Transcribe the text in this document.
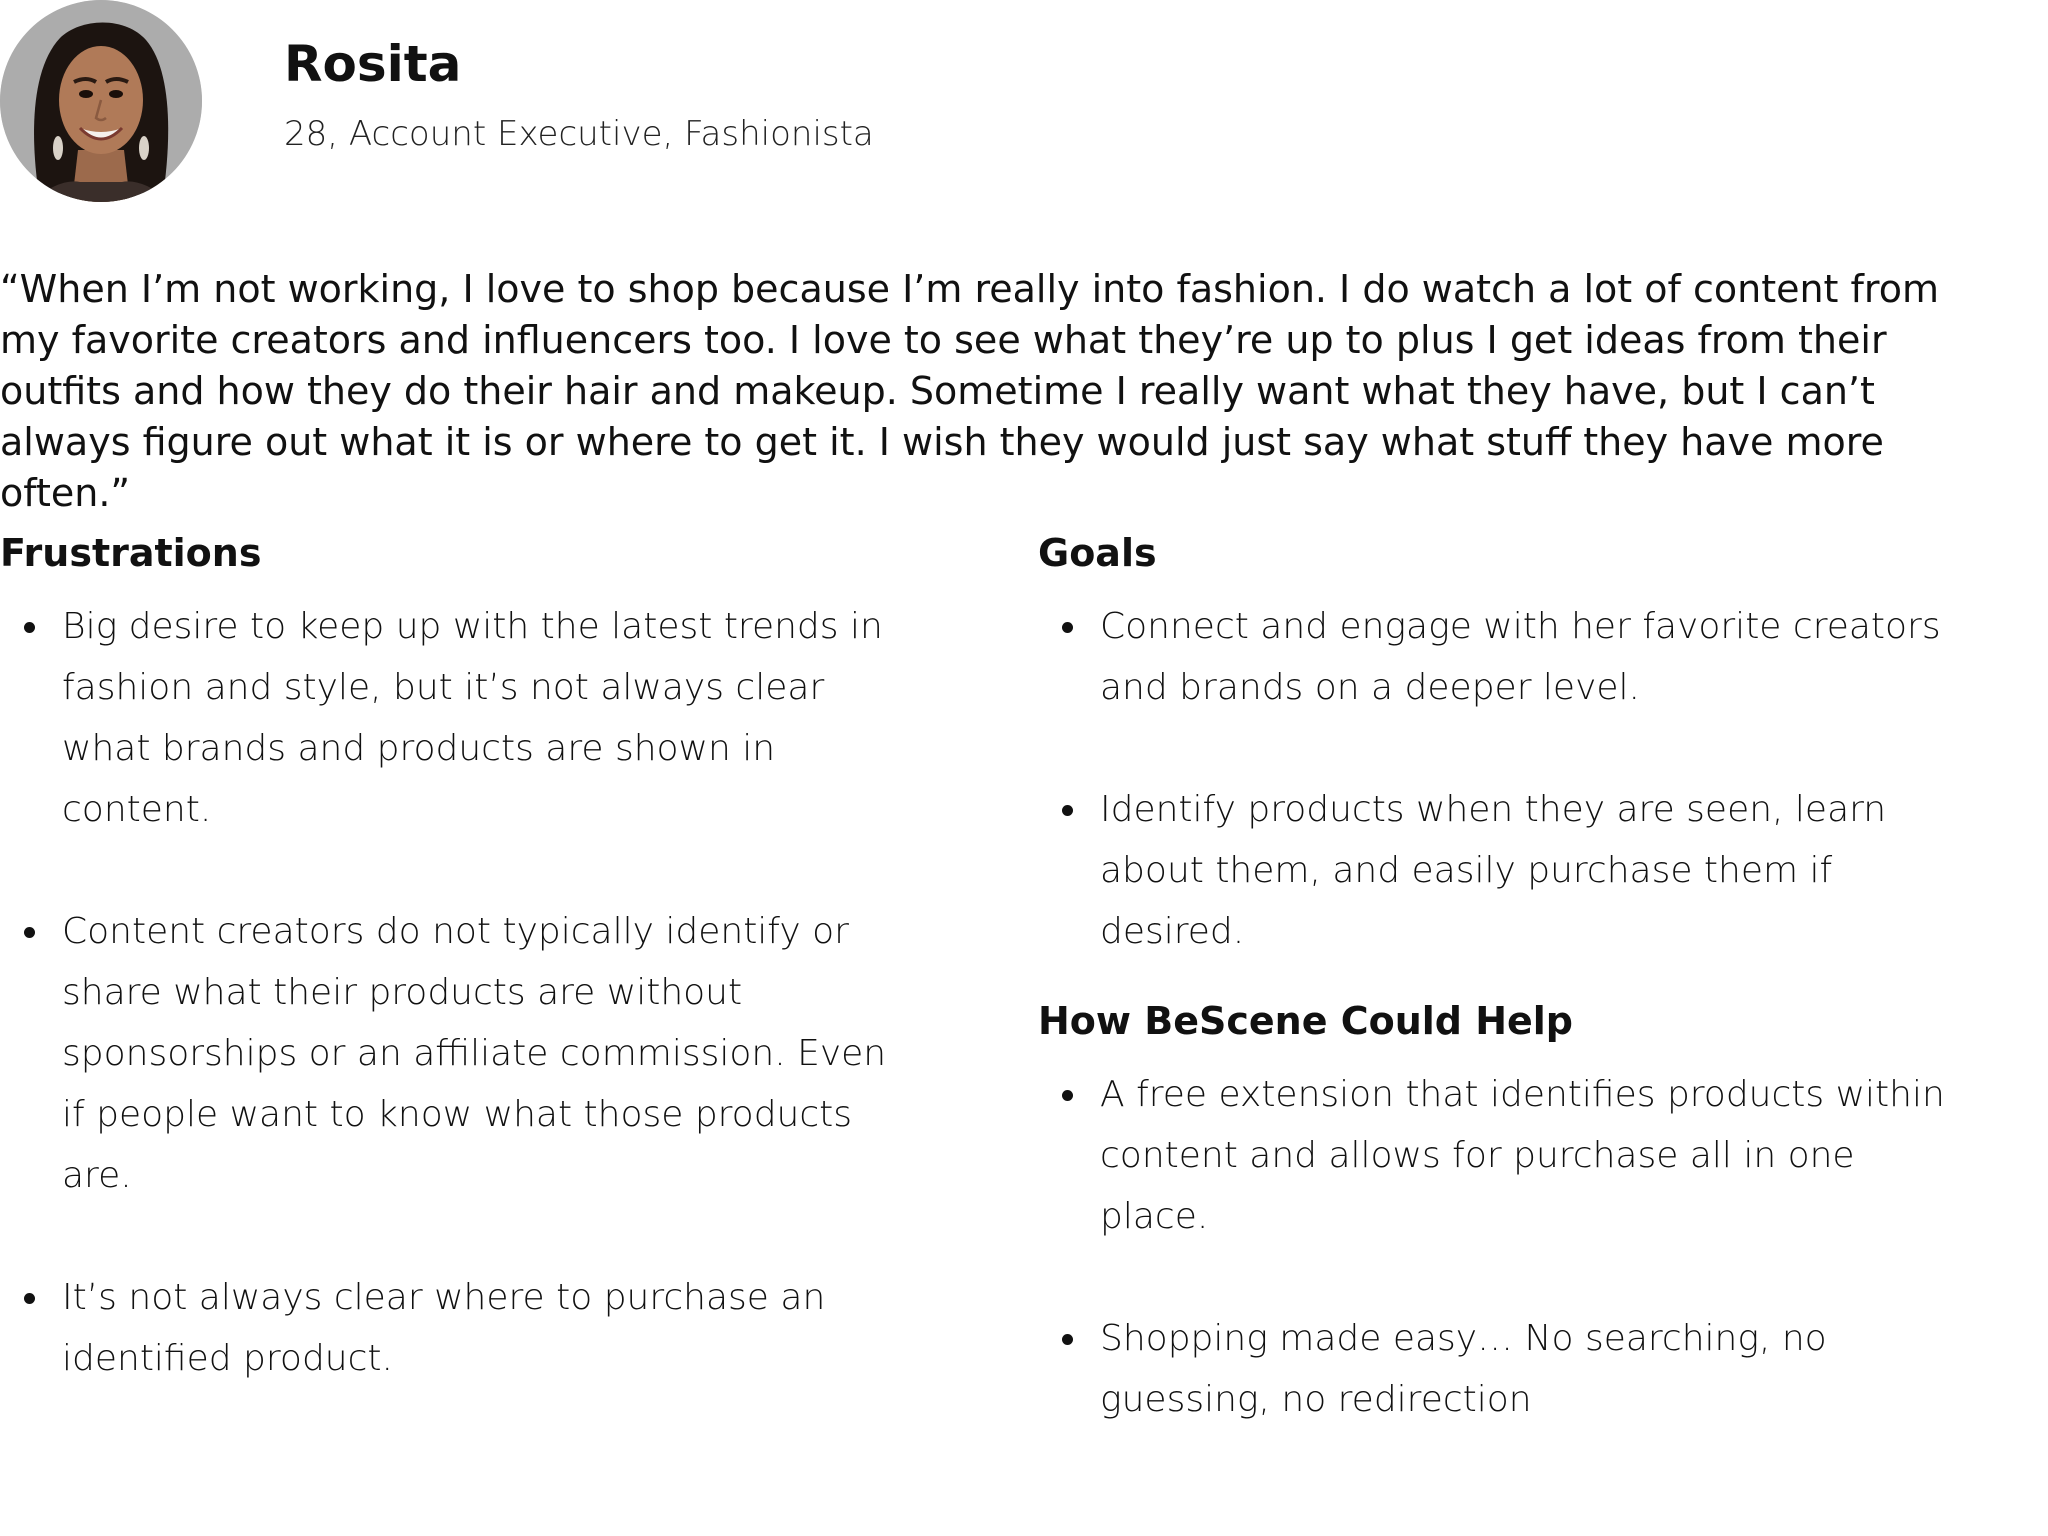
Rosita

28, Account Executive, Fashionista

“When I’m not working, I love to shop because I’m really into fashion. I do watch a lot of content from my favorite creators and influencers too. I love to see what they’re up to plus I get ideas from their outfits and how they do their hair and makeup. Sometime I really want what they have, but I can’t always figure out what it is or where to get it. I wish they would just say what stuff they have more often.”

Frustrations
Big desire to keep up with the latest trends in fashion and style, but it’s not always clear what brands and products are shown in content.
Content creators do not typically identify or share what their products are without sponsorships or an affiliate commission. Even if people want to know what those products are.
It’s not always clear where to purchase an identified product.
Goals
Connect and engage with her favorite creators and brands on a deeper level.
Identify products when they are seen, learn about them, and easily purchase them if desired.
How BeScene Could Help
A free extension that identifies products within content and allows for purchase all in one place.
Shopping made easy… No searching, no guessing, no redirection
